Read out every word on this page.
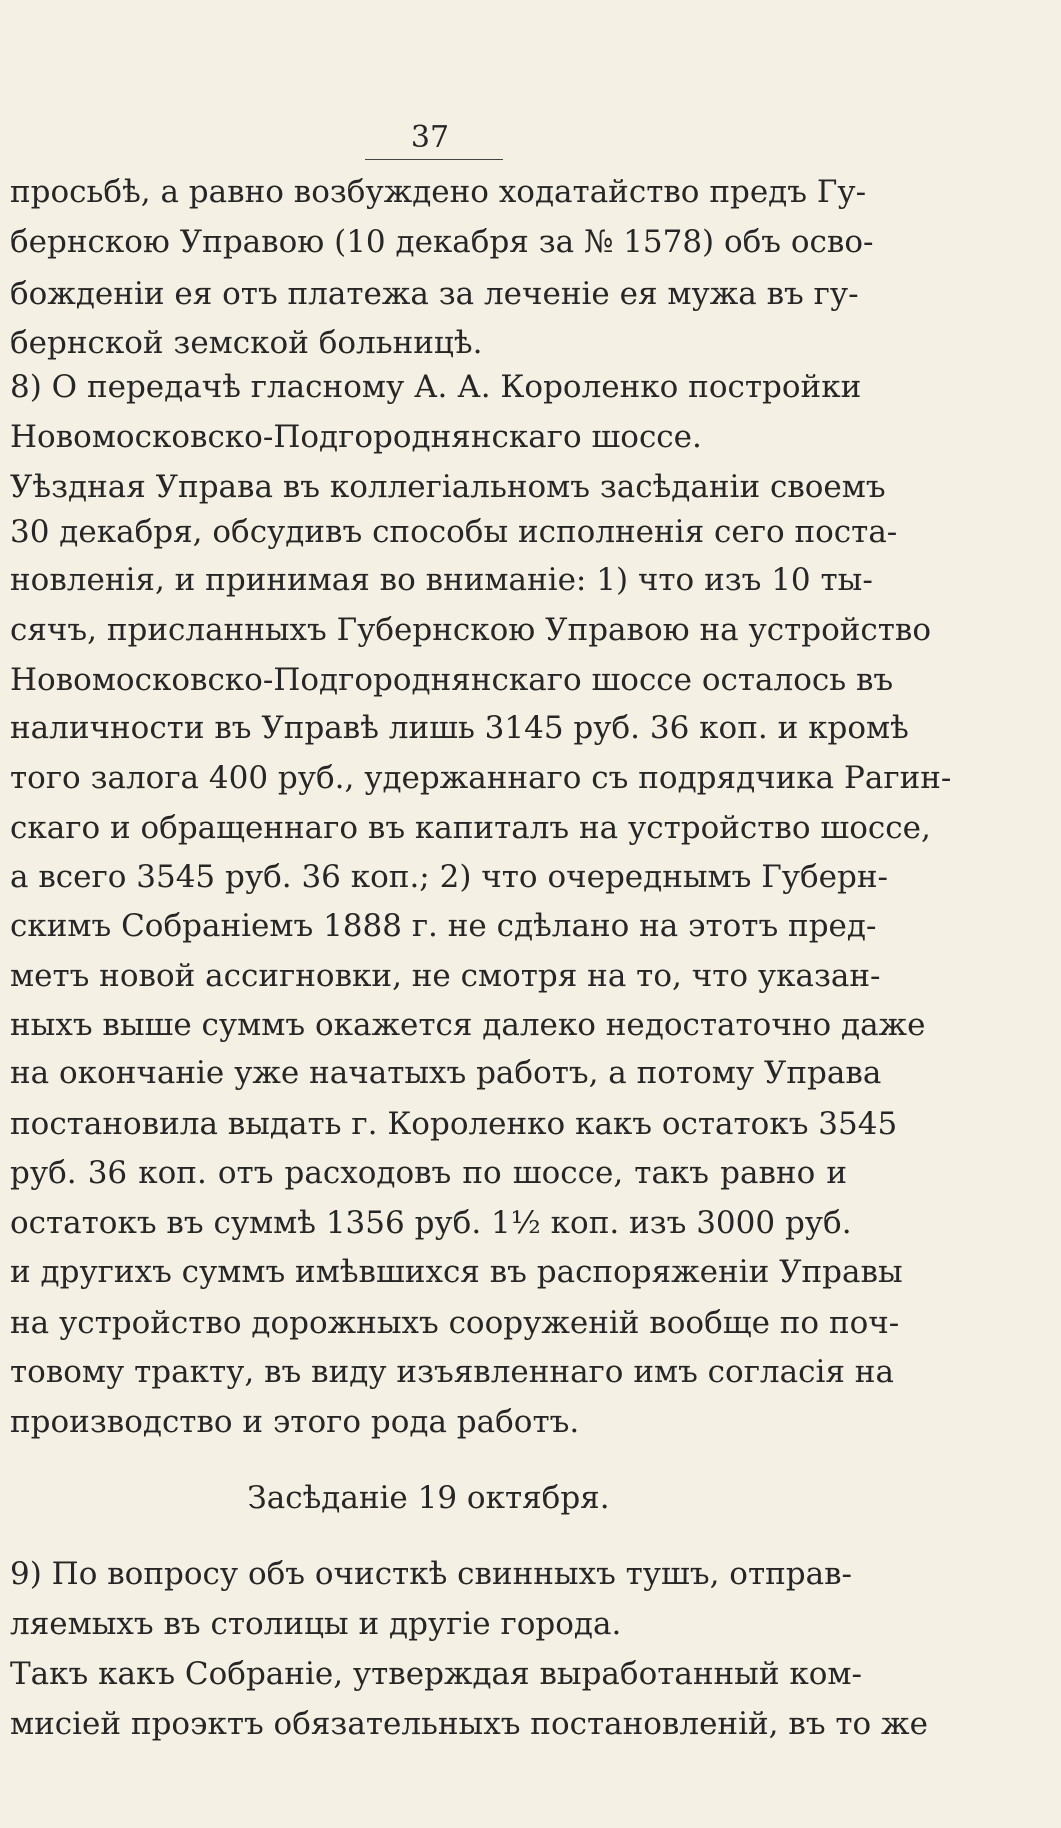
37
просьбѣ, а равно возбуждено ходатайство предъ Гу-
бернскою Управою (10 декабря за № 1578) объ осво-
божденіи ея отъ платежа за леченіе ея мужа въ гу-
бернской земской больницѣ.
8) О передачѣ гласному А. А. Короленко постройки
Новомосковско-Подгороднянскаго шоссе.
Уѣздная Управа въ коллегіальномъ засѣданіи своемъ
30 декабря, обсудивъ способы исполненія сего поста-
новленія, и принимая во вниманіе: 1) что изъ 10 ты-
сячъ, присланныхъ Губернскою Управою на устройство
Новомосковско-Подгороднянскаго шоссе осталось въ
наличности въ Управѣ лишь 3145 руб. 36 коп. и кромѣ
того залога 400 руб., удержаннаго съ подрядчика Рагин-
скаго и обращеннаго въ капиталъ на устройство шоссе,
а всего 3545 руб. 36 коп.; 2) что очереднымъ Губерн-
скимъ Собраніемъ 1888 г. не сдѣлано на этотъ пред-
метъ новой ассигновки, не смотря на то, что указан-
ныхъ выше суммъ окажется далеко недостаточно даже
на окончаніе уже начатыхъ работъ, а потому Управа
постановила выдать г. Короленко какъ остатокъ 3545
руб. 36 коп. отъ расходовъ по шоссе, такъ равно и
остатокъ въ суммѣ 1356 руб. 1½ коп. изъ 3000 руб.
и другихъ суммъ имѣвшихся въ распоряженіи Управы
на устройство дорожныхъ сооруженій вообще по поч-
товому тракту, въ виду изъявленнаго имъ согласія на
производство и этого рода работъ.
Засѣданіе 19 октября.
9) По вопросу объ очисткѣ свинныхъ тушъ, отправ-
ляемыхъ въ столицы и другіе города.
Такъ какъ Собраніе, утверждая выработанный ком-
мисіей проэктъ обязательныхъ постановленій, въ то же
